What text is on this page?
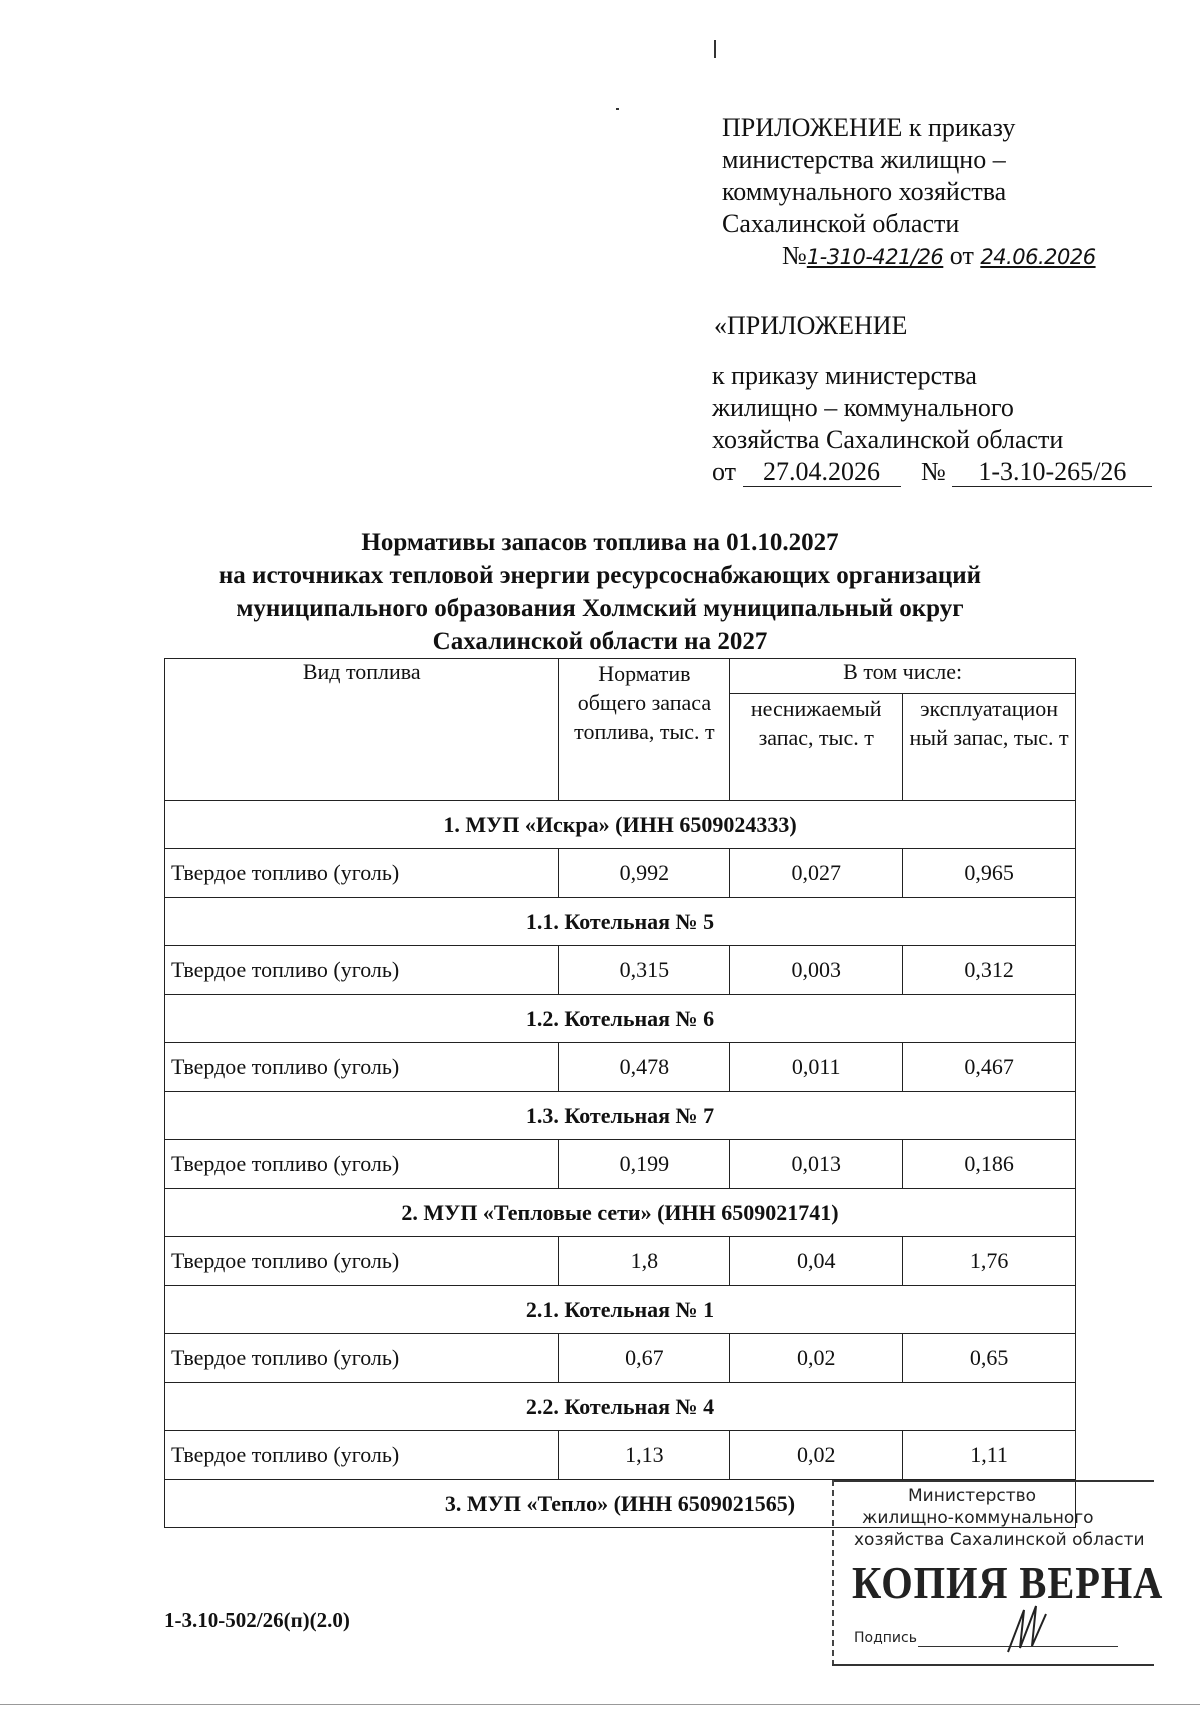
ПРИЛОЖЕНИЕ к приказу
министерства жилищно –
коммунального хозяйства
Сахалинской области
№1-310-421/26 от 24.06.2026
«ПРИЛОЖЕНИЕ
к приказу министерства
жилищно – коммунального
хозяйства Сахалинской области
от 27.04.2026 № 1-3.10-265/26
Нормативы запасов топлива на 01.10.2027
на источниках тепловой энергии ресурсоснабжающих организаций
муниципального образования Холмский муниципальный округ
Сахалинской области на 2027
Вид топлива	Норматив общего запаса топлива, тыс. т	В том числе:	
		неснижаемый запас, тыс. т	эксплуатацион ный запас, тыс. т
1. МУП «Искра» (ИНН 6509024333)			
Твердое топливо (уголь)	0,992	0,027	0,965
1.1. Котельная № 5			
Твердое топливо (уголь)	0,315	0,003	0,312
1.2. Котельная № 6			
Твердое топливо (уголь)	0,478	0,011	0,467
1.3. Котельная № 7			
Твердое топливо (уголь)	0,199	0,013	0,186
2. МУП «Тепловые сети» (ИНН 6509021741)			
Твердое топливо (уголь)	1,8	0,04	1,76
2.1. Котельная № 1			
Твердое топливо (уголь)	0,67	0,02	0,65
2.2. Котельная № 4			
Твердое топливо (уголь)	1,13	0,02	1,11
3. МУП «Тепло» (ИНН 6509021565)			
1-3.10-502/26(п)(2.0)
Министерство
жилищно-коммунального
хозяйства Сахалинской области
КОПИЯ ВЕРНА
Подпись
